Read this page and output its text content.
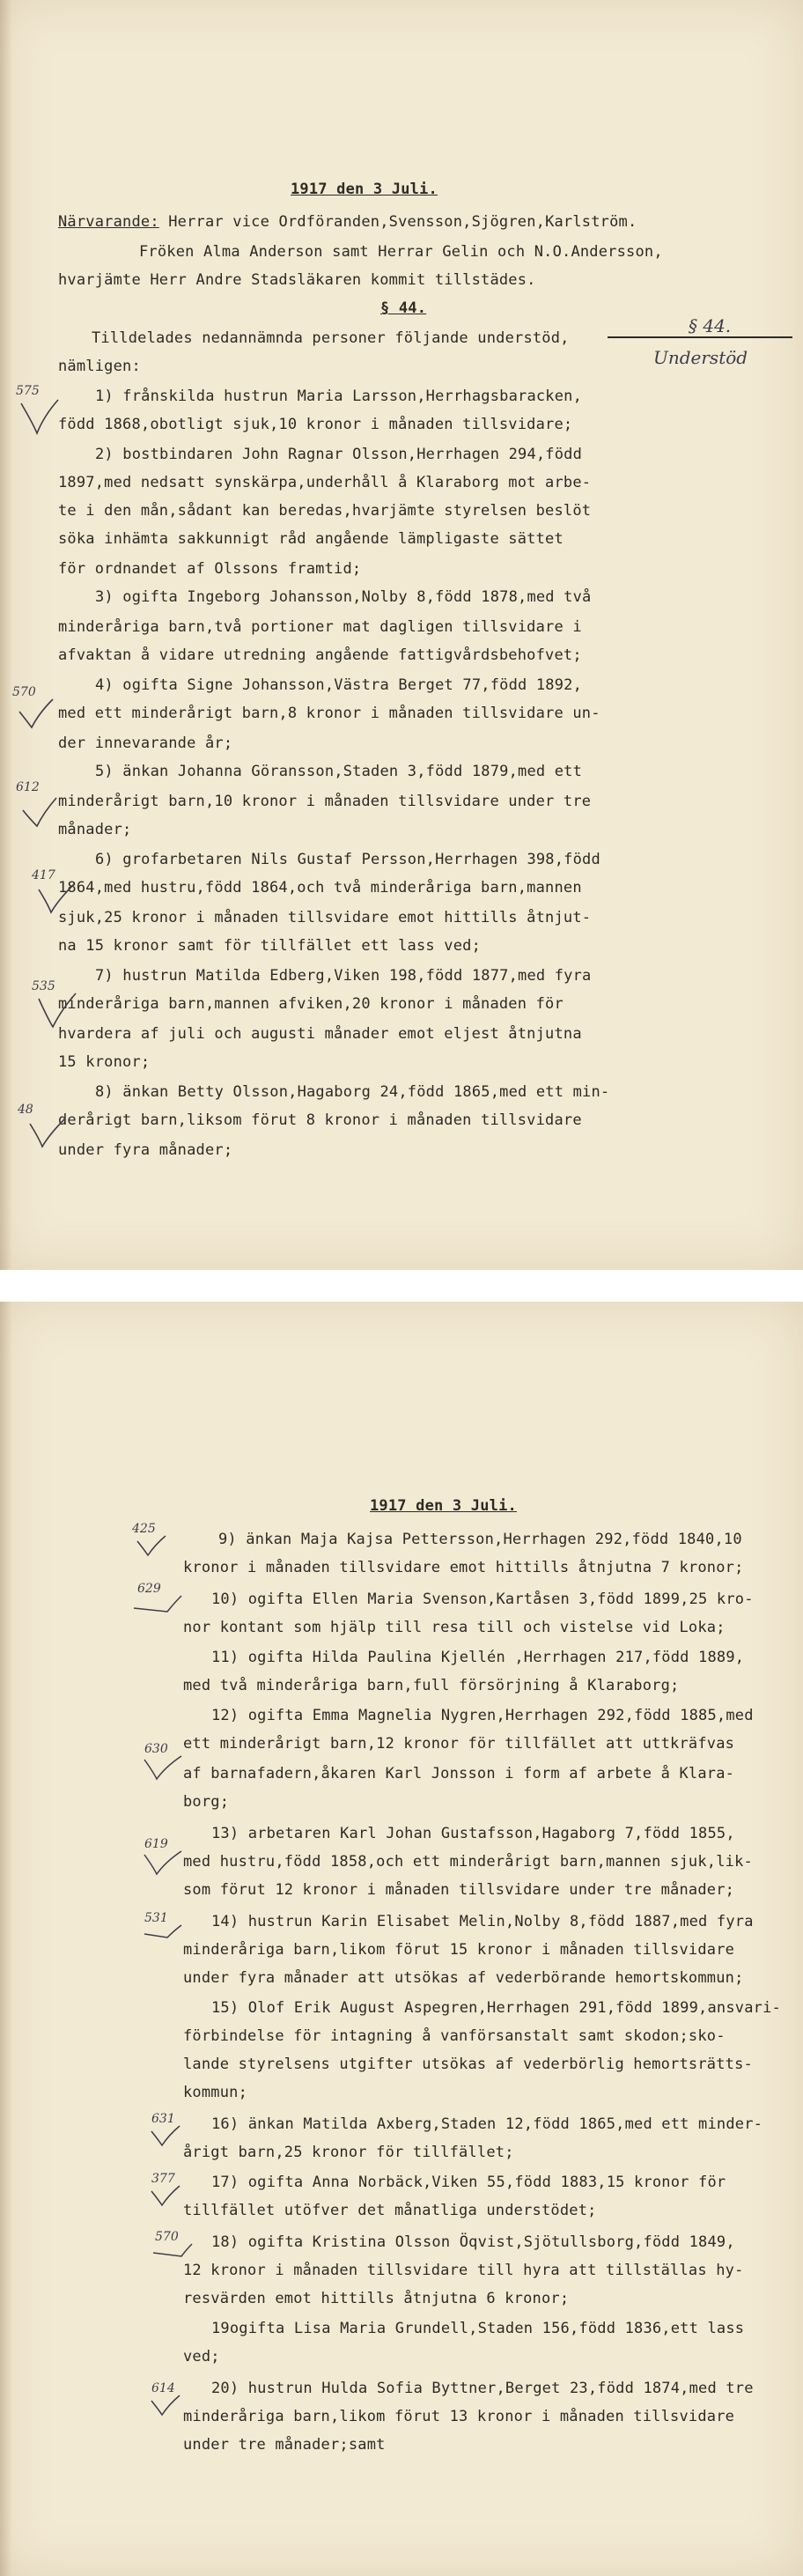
1917 den 3 Juli.
Närvarande: Herrar vice Ordföranden,Svensson,Sjögren,Karlström.
Fröken Alma Anderson samt Herrar Gelin och N.O.Andersson,
hvarjämte Herr Andre Stadsläkaren kommit tillstädes.
§ 44.
Tilldelades nedannämnda personer följande understöd,
nämligen:
1) frånskilda hustrun Maria Larsson,Herrhagsbaracken,
född 1868,obotligt sjuk,10 kronor i månaden tillsvidare;
2) bostbindaren John Ragnar Olsson,Herrhagen 294,född
1897,med nedsatt synskärpa,underhåll å Klaraborg mot arbe-
te i den mån,sådant kan beredas,hvarjämte styrelsen beslöt
söka inhämta sakkunnigt råd angående lämpligaste sättet
för ordnandet af Olssons framtid;
3) ogifta Ingeborg Johansson,Nolby 8,född 1878,med två
minderåriga barn,två portioner mat dagligen tillsvidare i
afvaktan å vidare utredning angående fattigvårdsbehofvet;
4) ogifta Signe Johansson,Västra Berget 77,född 1892,
med ett minderårigt barn,8 kronor i månaden tillsvidare un-
der innevarande år;
5) änkan Johanna Göransson,Staden 3,född 1879,med ett
minderårigt barn,10 kronor i månaden tillsvidare under tre
månader;
6) grofarbetaren Nils Gustaf Persson,Herrhagen 398,född
1864,med hustru,född 1864,och två minderåriga barn,mannen
sjuk,25 kronor i månaden tillsvidare emot hittills åtnjut-
na 15 kronor samt för tillfället ett lass ved;
7) hustrun Matilda Edberg,Viken 198,född 1877,med fyra
minderåriga barn,mannen afviken,20 kronor i månaden för
hvardera af juli och augusti månader emot eljest åtnjutna
15 kronor;
8) änkan Betty Olsson,Hagaborg 24,född 1865,med ett min-
derårigt barn,liksom förut 8 kronor i månaden tillsvidare
under fyra månader;
§ 44.
Understöd
575
570
612
417
535
48
1917 den 3 Juli.
9) änkan Maja Kajsa Pettersson,Herrhagen 292,född 1840,10
kronor i månaden tillsvidare emot hittills åtnjutna 7 kronor;
10) ogifta Ellen Maria Svenson,Kartåsen 3,född 1899,25 kro-
nor kontant som hjälp till resa till och vistelse vid Loka;
11) ogifta Hilda Paulina Kjellén ,Herrhagen 217,född 1889,
med två minderåriga barn,full försörjning å Klaraborg;
12) ogifta Emma Magnelia Nygren,Herrhagen 292,född 1885,med
ett minderårigt barn,12 kronor för tillfället att uttkräfvas
af barnafadern,åkaren Karl Jonsson i form af arbete å Klara-
borg;
13) arbetaren Karl Johan Gustafsson,Hagaborg 7,född 1855,
med hustru,född 1858,och ett minderårigt barn,mannen sjuk,lik-
som förut 12 kronor i månaden tillsvidare under tre månader;
14) hustrun Karin Elisabet Melin,Nolby 8,född 1887,med fyra
minderåriga barn,likom förut 15 kronor i månaden tillsvidare
under fyra månader att utsökas af vederbörande hemortskommun;
15) Olof Erik August Aspegren,Herrhagen 291,född 1899,ansvari-
förbindelse för intagning å vanförsanstalt samt skodon;sko-
lande styrelsens utgifter utsökas af vederbörlig hemortsrätts-
kommun;
16) änkan Matilda Axberg,Staden 12,född 1865,med ett minder-
årigt barn,25 kronor för tillfället;
17) ogifta Anna Norbäck,Viken 55,född 1883,15 kronor för
tillfället utöfver det månatliga understödet;
18) ogifta Kristina Olsson Öqvist,Sjötullsborg,född 1849,
12 kronor i månaden tillsvidare till hyra att tillställas hy-
resvärden emot hittills åtnjutna 6 kronor;
19ogifta Lisa Maria Grundell,Staden 156,född 1836,ett lass
ved;
20) hustrun Hulda Sofia Byttner,Berget 23,född 1874,med tre
minderåriga barn,likom förut 13 kronor i månaden tillsvidare
under tre månader;samt
425
629
630
619
531
631
377
570
614
